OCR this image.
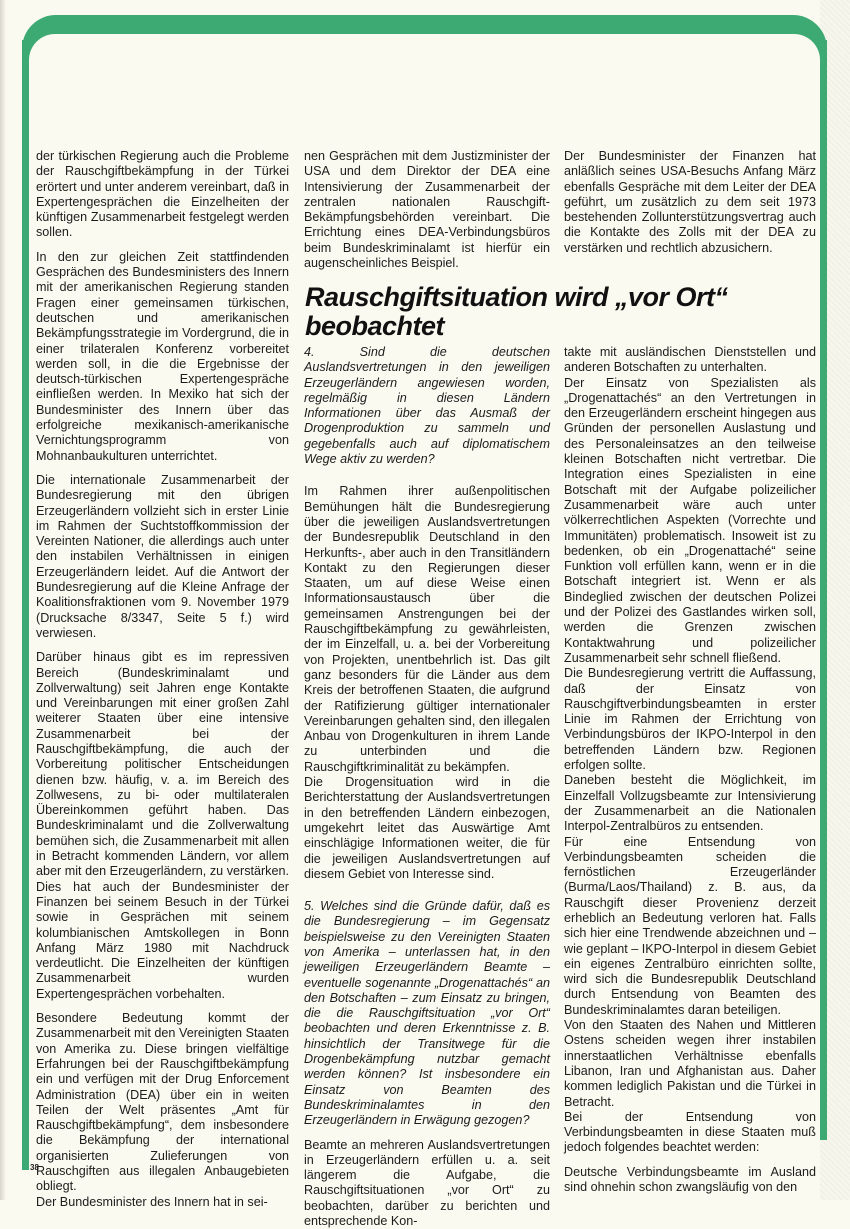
der türkischen Regierung auch die Probleme der Rauschgiftbekämpfung in der Türkei erörtert und unter anderem vereinbart, daß in Expertengesprächen die Einzelheiten der künftigen Zusammenarbeit festgelegt werden sollen.

In den zur gleichen Zeit stattfindenden Gesprächen des Bundesministers des Innern mit der amerikanischen Regierung standen Fragen einer gemeinsamen türkischen, deutschen und amerikanischen Bekämpfungsstrategie im Vordergrund, die in einer trilateralen Konferenz vorbereitet werden soll, in die die Ergebnisse der deutsch-türkischen Expertengespräche einfließen werden. In Mexiko hat sich der Bundesminister des Innern über das erfolgreiche mexikanisch-amerikanische Vernichtungsprogramm von Mohnanbaukulturen unterrichtet.

Die internationale Zusammenarbeit der Bundesregierung mit den übrigen Erzeugerländern vollzieht sich in erster Linie im Rahmen der Suchtstoffkommission der Vereinten Nationer, die allerdings auch unter den instabilen Verhältnissen in einigen Erzeugerländern leidet. Auf die Antwort der Bundesregierung auf die Kleine Anfrage der Koalitionsfraktionen vom 9. November 1979 (Drucksache 8/3347, Seite 5 f.) wird verwiesen.

Darüber hinaus gibt es im repressiven Bereich (Bundeskriminalamt und Zollverwaltung) seit Jahren enge Kontakte und Vereinbarungen mit einer großen Zahl weiterer Staaten über eine intensive Zusammenarbeit bei der Rauschgiftbekämpfung, die auch der Vorbereitung politischer Entscheidungen dienen bzw. häufig, v. a. im Bereich des Zollwesens, zu bi- oder multilateralen Übereinkommen geführt haben. Das Bundeskriminalamt und die Zollverwaltung bemühen sich, die Zusammenarbeit mit allen in Betracht kommenden Ländern, vor allem aber mit den Erzeugerländern, zu verstärken. Dies hat auch der Bundesminister der Finanzen bei seinem Besuch in der Türkei sowie in Gesprächen mit seinem kolumbianischen Amtskollegen in Bonn Anfang März 1980 mit Nachdruck verdeutlicht. Die Einzelheiten der künftigen Zusammenarbeit wurden Expertengesprächen vorbehalten.

Besondere Bedeutung kommt der Zusammenarbeit mit den Vereinigten Staaten von Amerika zu. Diese bringen vielfältige Erfahrungen bei der Rauschgiftbekämpfung ein und verfügen mit der Drug Enforcement Administration (DEA) über ein in weiten Teilen der Welt präsentes „Amt für Rauschgiftbekämpfung“, dem insbesondere die Bekämpfung der international organisierten Zulieferungen von Rauschgiften aus illegalen Anbaugebieten obliegt.

Der Bundesminister des Innern hat in sei-

nen Gesprächen mit dem Justizminister der USA und dem Direktor der DEA eine Intensivierung der Zusammenarbeit der zentralen nationalen Rauschgift-Bekämpfungsbehörden vereinbart. Die Errichtung eines DEA-Verbindungsbüros beim Bundeskriminalamt ist hierfür ein augenscheinliches Beispiel.

Der Bundesminister der Finanzen hat anläßlich seines USA-Besuchs Anfang März ebenfalls Gespräche mit dem Leiter der DEA geführt, um zusätzlich zu dem seit 1973 bestehenden Zollunterstützungsvertrag auch die Kontakte des Zolls mit der DEA zu verstärken und rechtlich abzusichern.

Rauschgiftsituation wird „vor Ort“ beobachtet

4. Sind die deutschen Auslandsvertretungen in den jeweiligen Erzeugerländern angewiesen worden, regelmäßig in diesen Ländern Informationen über das Ausmaß der Drogenproduktion zu sammeln und gegebenfalls auch auf diplomatischem Wege aktiv zu werden?

Im Rahmen ihrer außenpolitischen Bemühungen hält die Bundesregierung über die jeweiligen Auslandsvertretungen der Bundesrepublik Deutschland in den Herkunfts-, aber auch in den Transitländern Kontakt zu den Regierungen dieser Staaten, um auf diese Weise einen Informationsaustausch über die gemeinsamen Anstrengungen bei der Rauschgiftbekämpfung zu gewährleisten, der im Einzelfall, u. a. bei der Vorbereitung von Projekten, unentbehrlich ist. Das gilt ganz besonders für die Länder aus dem Kreis der betroffenen Staaten, die aufgrund der Ratifizierung gültiger internationaler Vereinbarungen gehalten sind, den illegalen Anbau von Drogenkulturen in ihrem Lande zu unterbinden und die Rauschgiftkriminalität zu bekämpfen.

Die Drogensituation wird in die Berichterstattung der Auslandsvertretungen in den betreffenden Ländern einbezogen, umgekehrt leitet das Auswärtige Amt einschlägige Informationen weiter, die für die jeweiligen Auslandsvertretungen auf diesem Gebiet von Interesse sind.

5. Welches sind die Gründe dafür, daß es die Bundesregierung – im Gegensatz beispielsweise zu den Vereinigten Staaten von Amerika – unterlassen hat, in den jeweiligen Erzeugerländern Beamte – eventuelle sogenannte „Drogenattachés“ an den Botschaften – zum Einsatz zu bringen, die die Rauschgiftsituation „vor Ort“ beobachten und deren Erkenntnisse z. B. hinsichtlich der Transitwege für die Drogenbekämpfung nutzbar gemacht werden können? Ist insbesondere ein Einsatz von Beamten des Bundeskriminalamtes in den Erzeugerländern in Erwägung gezogen?

Beamte an mehreren Auslandsvertretungen in Erzeugerländern erfüllen u. a. seit längerem die Aufgabe, die Rauschgiftsituationen „vor Ort“ zu beobachten, darüber zu berichten und entsprechende Kon-

takte mit ausländischen Dienststellen und anderen Botschaften zu unterhalten.

Der Einsatz von Spezialisten als „Drogenattachés“ an den Vertretungen in den Erzeugerländern erscheint hingegen aus Gründen der personellen Auslastung und des Personaleinsatzes an den teilweise kleinen Botschaften nicht vertretbar. Die Integration eines Spezialisten in eine Botschaft mit der Aufgabe polizeilicher Zusammenarbeit wäre auch unter völkerrechtlichen Aspekten (Vorrechte und Immunitäten) problematisch. Insoweit ist zu bedenken, ob ein „Drogenattaché“ seine Funktion voll erfüllen kann, wenn er in die Botschaft integriert ist. Wenn er als Bindeglied zwischen der deutschen Polizei und der Polizei des Gastlandes wirken soll, werden die Grenzen zwischen Kontaktwahrung und polizeilicher Zusammenarbeit sehr schnell fließend.

Die Bundesregierung vertritt die Auffassung, daß der Einsatz von Rauschgiftverbindungsbeamten in erster Linie im Rahmen der Errichtung von Verbindungsbüros der IKPO-Interpol in den betreffenden Ländern bzw. Regionen erfolgen sollte.

Daneben besteht die Möglichkeit, im Einzelfall Vollzugsbeamte zur Intensivierung der Zusammenarbeit an die Nationalen Interpol-Zentralbüros zu entsenden.

Für eine Entsendung von Verbindungsbeamten scheiden die fernöstlichen Erzeugerländer (Burma/Laos/Thailand) z. B. aus, da Rauschgift dieser Provenienz derzeit erheblich an Bedeutung verloren hat. Falls sich hier eine Trendwende abzeichnen und – wie geplant – IKPO-Interpol in diesem Gebiet ein eigenes Zentralbüro einrichten sollte, wird sich die Bundesrepublik Deutschland durch Entsendung von Beamten des Bundeskriminalamtes daran beteiligen.

Von den Staaten des Nahen und Mittleren Ostens scheiden wegen ihrer instabilen innerstaatlichen Verhältnisse ebenfalls Libanon, Iran und Afghanistan aus. Daher kommen lediglich Pakistan und die Türkei in Betracht.

Bei der Entsendung von Verbindungsbeamten in diese Staaten muß jedoch folgendes beachtet werden:

Deutsche Verbindungsbeamte im Ausland sind ohnehin schon zwangsläufig von den

38
